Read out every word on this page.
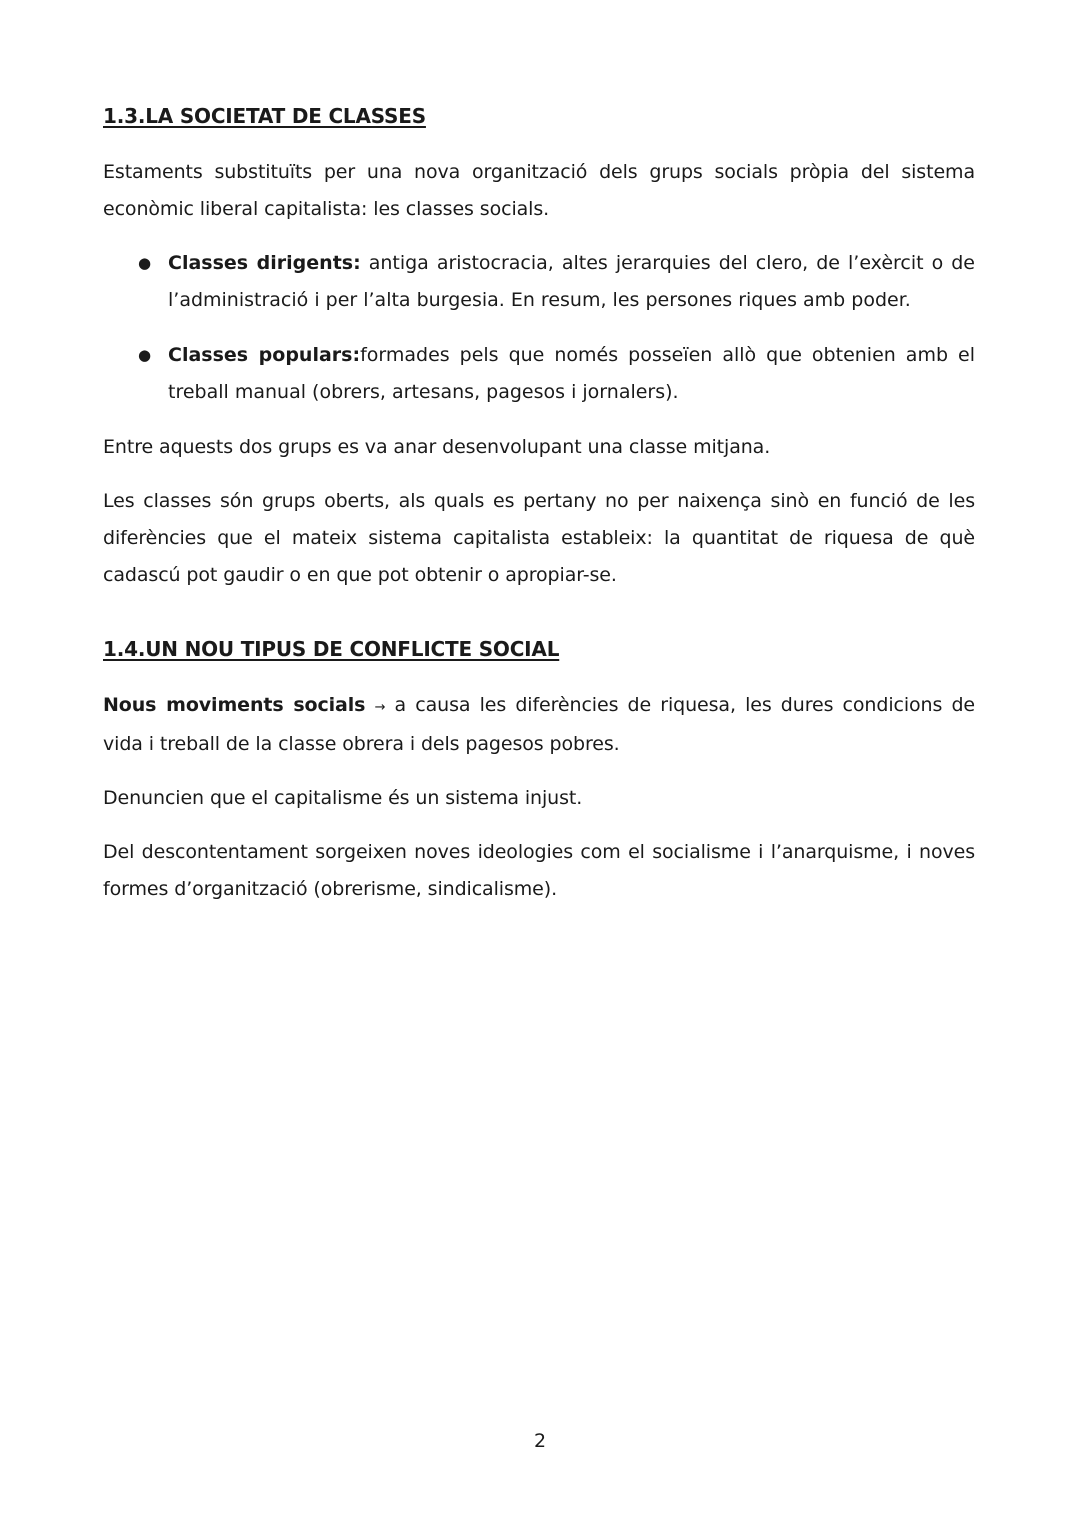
1.3.LA SOCIETAT DE CLASSES

Estaments substituïts per una nova organització dels grups socials pròpia del sistema econòmic liberal capitalista: les classes socials.

● Classes dirigents: antiga aristocracia, altes jerarquies del clero, de l’exèrcit o de l’administració i per l’alta burgesia. En resum, les persones riques amb poder.
● Classes populars:formades pels que només posseïen allò que obtenien amb el treball manual (obrers, artesans, pagesos i jornalers).

Entre aquests dos grups es va anar desenvolupant una classe mitjana.

Les classes són grups oberts, als quals es pertany no per naixença sinò en funció de les diferències que el mateix sistema capitalista estableix: la quantitat de riquesa de què cadascú pot gaudir o en que pot obtenir o apropiar-se.

1.4.UN NOU TIPUS DE CONFLICTE SOCIAL

Nous moviments socials → a causa les diferències de riquesa, les dures condicions de vida i treball de la classe obrera i dels pagesos pobres.

Denuncien que el capitalisme és un sistema injust.

Del descontentament sorgeixen noves ideologies com el socialisme i l’anarquisme, i noves formes d’organització (obrerisme, sindicalisme).

2
